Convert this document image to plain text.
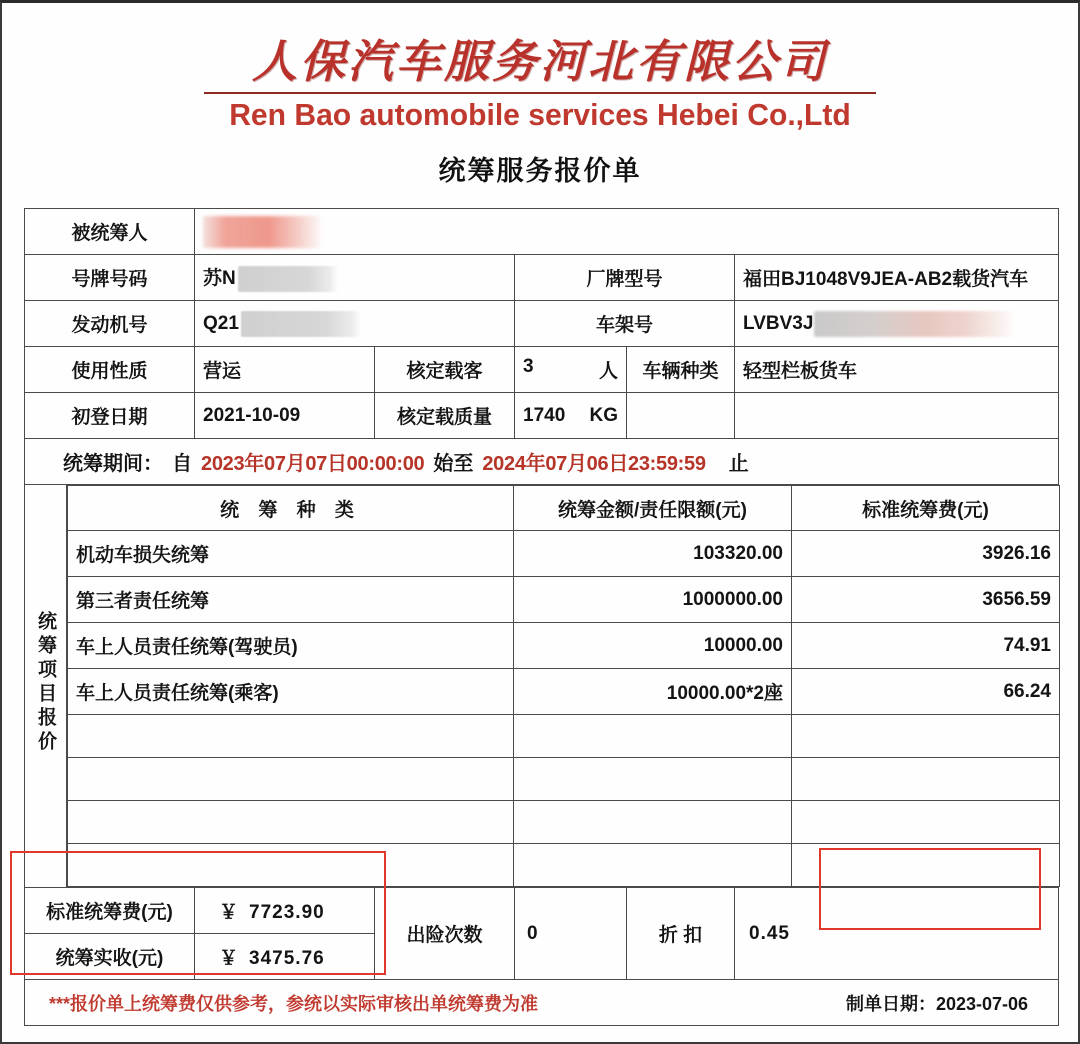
人保汽车服务河北有限公司
Ren Bao automobile services Hebei Co.,Ltd
统筹服务报价单
被统筹人	
号牌号码	苏N	厂牌型号	福田BJ1048V9JEA-AB2载货汽车
发动机号	Q21	车架号	LVBV3J
使用性质	营运	核定载客	3	人	车辆种类	轻型栏板货车
初登日期	2021-10-09	核定载质量	1740 KG

统筹期间： 自 2023年07月07日00:00:00 始至 2024年07月06日23:59:59 止

统筹项目报价	
统 筹 种 类	统筹金额/责任限额(元)	标准统筹费(元)
机动车损失统筹	103320.00	3926.16
第三者责任统筹	1000000.00	3656.59
车上人员责任统筹(驾驶员)	10000.00	74.91
车上人员责任统筹(乘客)	10000.00*2座	66.24

标准统筹费(元)	￥ 7723.90	出险次数	0	折 扣	0.45
统筹实收(元)	￥ 3475.76

***报价单上统筹费仅供参考，参统以实际审核出单统筹费为准	制单日期：2023-07-06
